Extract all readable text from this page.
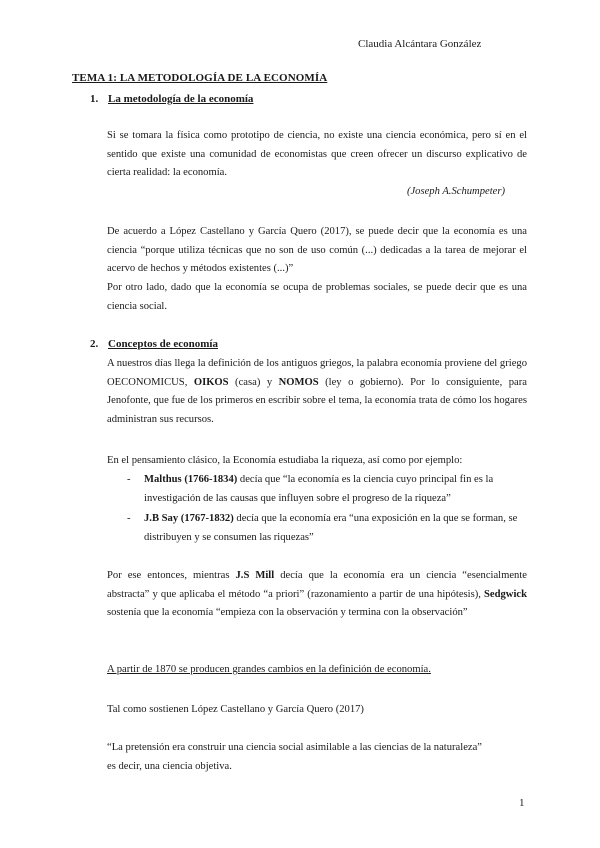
Claudia Alcántara González
TEMA 1: LA METODOLOGÍA DE LA ECONOMÍA
1. La metodología de la economía

Si se tomara la física como prototipo de ciencia, no existe una ciencia económica, pero sí en el sentido que existe una comunidad de economistas que creen ofrecer un discurso explicativo de cierta realidad: la economía.

(Joseph A.Schumpeter)

De acuerdo a López Castellano y García Quero (2017), se puede decir que la economía es una ciencia “porque utiliza técnicas que no son de uso común (...) dedicadas a la tarea de mejorar el acervo de hechos y métodos existentes (...)”

Por otro lado, dado que la economía se ocupa de problemas sociales, se puede decir que es una ciencia social.

2. Conceptos de economía

A nuestros días llega la definición de los antiguos griegos, la palabra economía proviene del griego OECONOMICUS, OIKOS (casa) y NOMOS (ley o gobierno). Por lo consiguiente, para Jenofonte, que fue de los primeros en escribir sobre el tema, la economía trata de cómo los hogares administran sus recursos.

En el pensamiento clásico, la Economía estudiaba la riqueza, así como por ejemplo:

- Malthus (1766-1834) decía que “la economía es la ciencia cuyo principal fin es la investigación de las causas que influyen sobre el progreso de la riqueza”

- J.B Say (1767-1832) decía que la economía era “una exposición en la que se forman, se distribuyen y se consumen las riquezas”

Por ese entonces, mientras J.S Mill decía que la economía era un ciencia “esencialmente abstracta” y que aplicaba el método “a priori” (razonamiento a partir de una hipótesis), Sedgwick sostenía que la economía “empieza con la observación y termina con la observación”

A partir de 1870 se producen grandes cambios en la definición de economía.
Tal como sostienen López Castellano y García Quero (2017)

“La pretensión era construir una ciencia social asimilable a las ciencias de la naturaleza”

es decir, una ciencia objetiva.

1
